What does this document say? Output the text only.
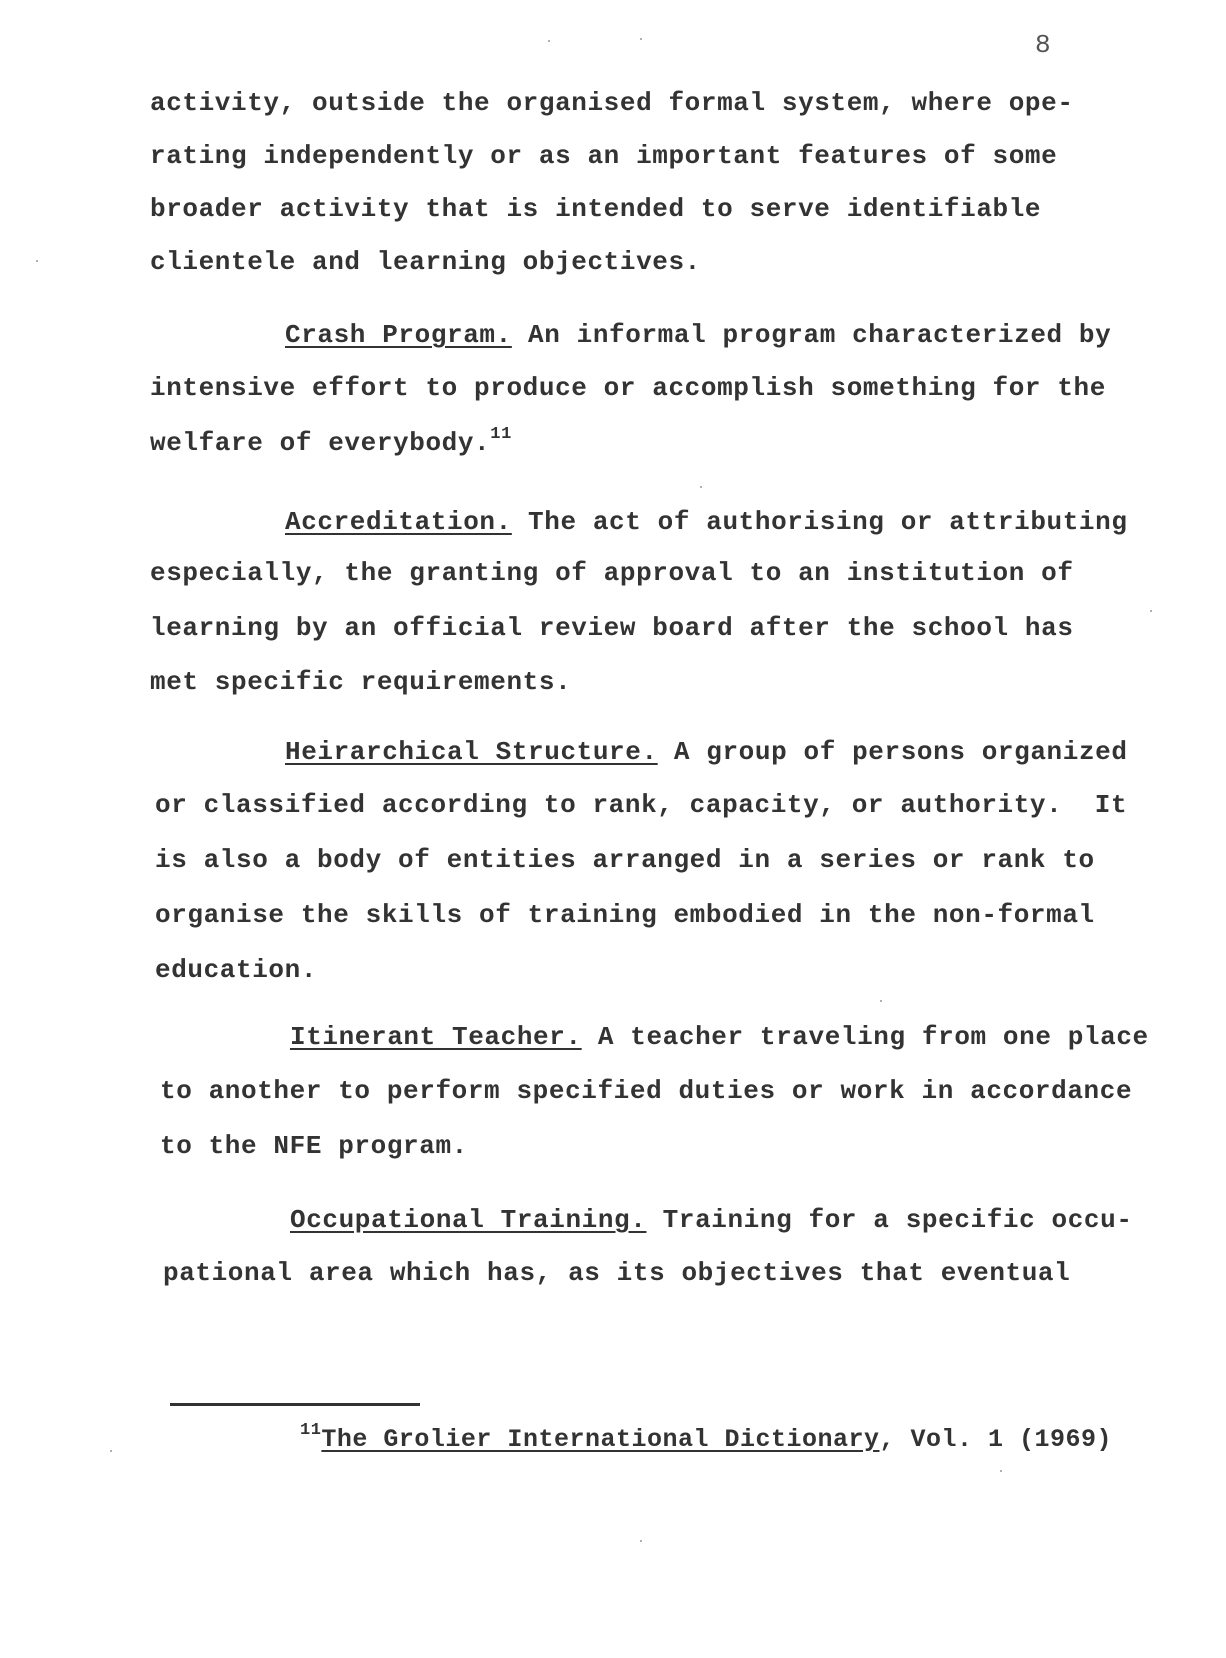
8
activity, outside the organised formal system, where ope-
rating independently or as an important features of some
broader activity that is intended to serve identifiable
clientele and learning objectives.
Crash Program. An informal program characterized by
intensive effort to produce or accomplish something for the
welfare of everybody.$^{11}$
Accreditation. The act of authorising or attributing
especially, the granting of approval to an institution of
learning by an official review board after the school has
met specific requirements.
Heirarchical Structure. A group of persons organized
or classified according to rank, capacity, or authority.  It
is also a body of entities arranged in a series or rank to
organise the skills of training embodied in the non-formal
education.
Itinerant Teacher. A teacher traveling from one place
to another to perform specified duties or work in accordance
to the NFE program.
Occupational Training. Training for a specific occu-
pational area which has, as its objectives that eventual
$^{11}$The Grolier International Dictionary, Vol. 1 (1969)
